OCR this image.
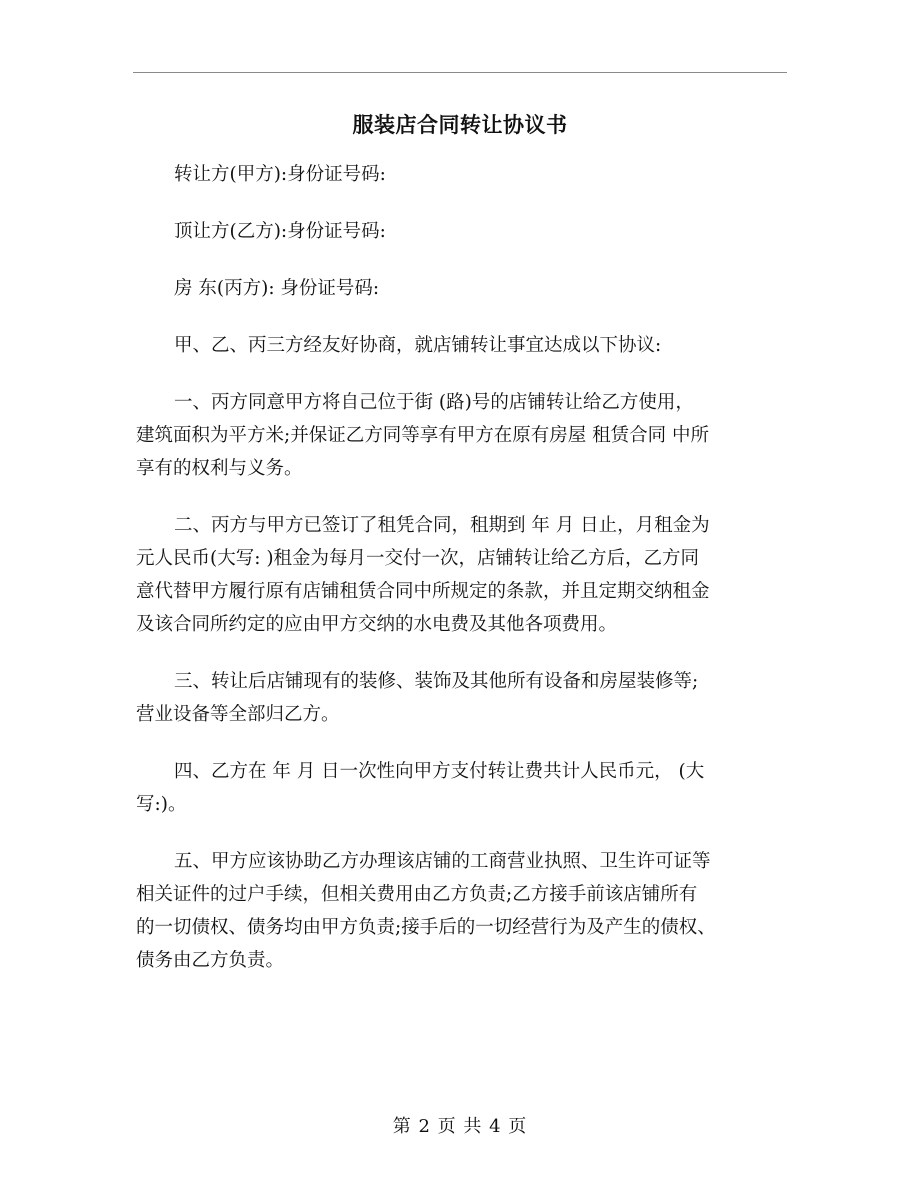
服装店合同转让协议书

转让方(甲方):身份证号码:

顶让方(乙方):身份证号码:

房 东(丙方): 身份证号码:

甲、乙、丙三方经友好协商，就店铺转让事宜达成以下协议:

一、丙方同意甲方将自己位于街 (路)号的店铺转让给乙方使用，
建筑面积为平方米;并保证乙方同等享有甲方在原有房屋 租赁合同 中所
享有的权利与义务。
二、丙方与甲方已签订了租凭合同，租期到 年 月 日止，月租金为
元人民币(大写: )租金为每月一交付一次，店铺转让给乙方后，乙方同
意代替甲方履行原有店铺租赁合同中所规定的条款，并且定期交纳租金
及该合同所约定的应由甲方交纳的水电费及其他各项费用。
三、转让后店铺现有的装修、装饰及其他所有设备和房屋装修等;
营业设备等全部归乙方。
四、乙方在 年 月 日一次性向甲方支付转让费共计人民币元， (大
写:)。
五、甲方应该协助乙方办理该店铺的工商营业执照、卫生许可证等
相关证件的过户手续，但相关费用由乙方负责;乙方接手前该店铺所有
的一切债权、债务均由甲方负责;接手后的一切经营行为及产生的债权、
债务由乙方负责。
第 2 页 共 4 页
